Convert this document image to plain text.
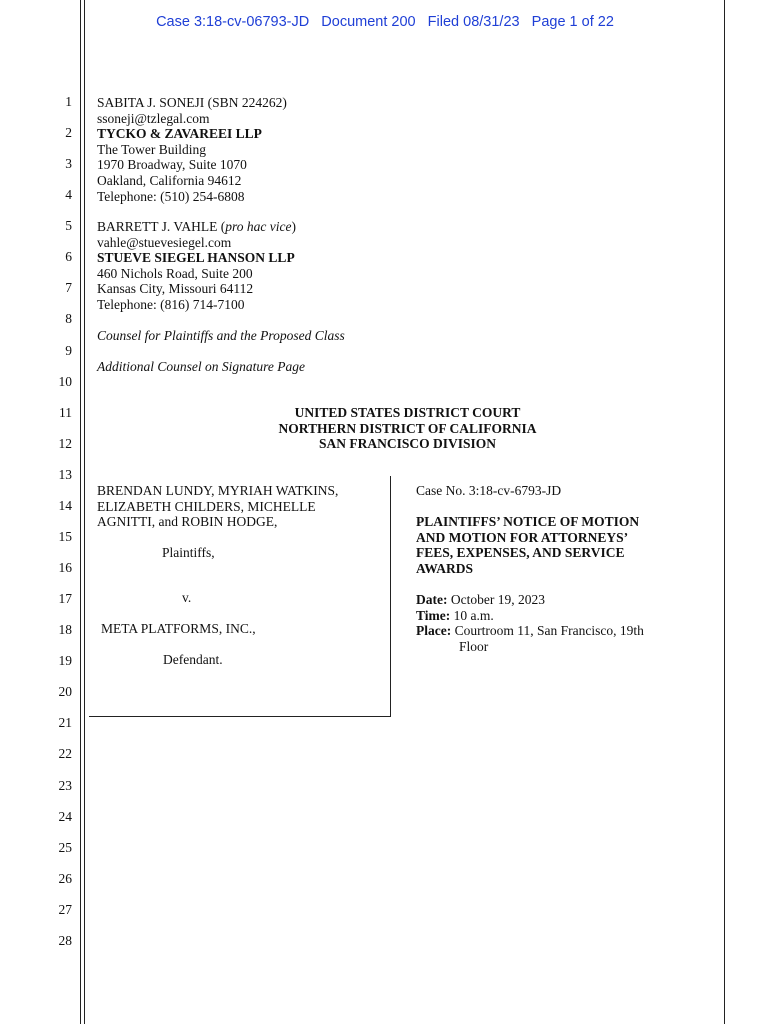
Case 3:18-cv-06793-JD   Document 200   Filed 08/31/23   Page 1 of 22
1
2
3
4
5
6
7
8
9
10
11
12
13
14
15
16
17
18
19
20
21
22
23
24
25
26
27
28
SABITA J. SONEJI (SBN 224262)
ssoneji@tzlegal.com
TYCKO & ZAVAREEI LLP
The Tower Building
1970 Broadway, Suite 1070
Oakland, California 94612
Telephone: (510) 254-6808
BARRETT J. VAHLE (pro hac vice)
vahle@stuevesiegel.com
STUEVE SIEGEL HANSON LLP
460 Nichols Road, Suite 200
Kansas City, Missouri 64112
Telephone: (816) 714-7100
Counsel for Plaintiffs and the Proposed Class
Additional Counsel on Signature Page
UNITED STATES DISTRICT COURT
NORTHERN DISTRICT OF CALIFORNIA
SAN FRANCISCO DIVISION
BRENDAN LUNDY, MYRIAH WATKINS,
ELIZABETH CHILDERS, MICHELLE
AGNITTI, and ROBIN HODGE,
Plaintiffs,
v.
META PLATFORMS, INC.,
Defendant.
Case No. 3:18-cv-6793-JD
PLAINTIFFS’ NOTICE OF MOTION
AND MOTION FOR ATTORNEYS’
FEES, EXPENSES, AND SERVICE
AWARDS
Date: October 19, 2023
Time: 10 a.m.
Place: Courtroom 11, San Francisco, 19th
Floor
